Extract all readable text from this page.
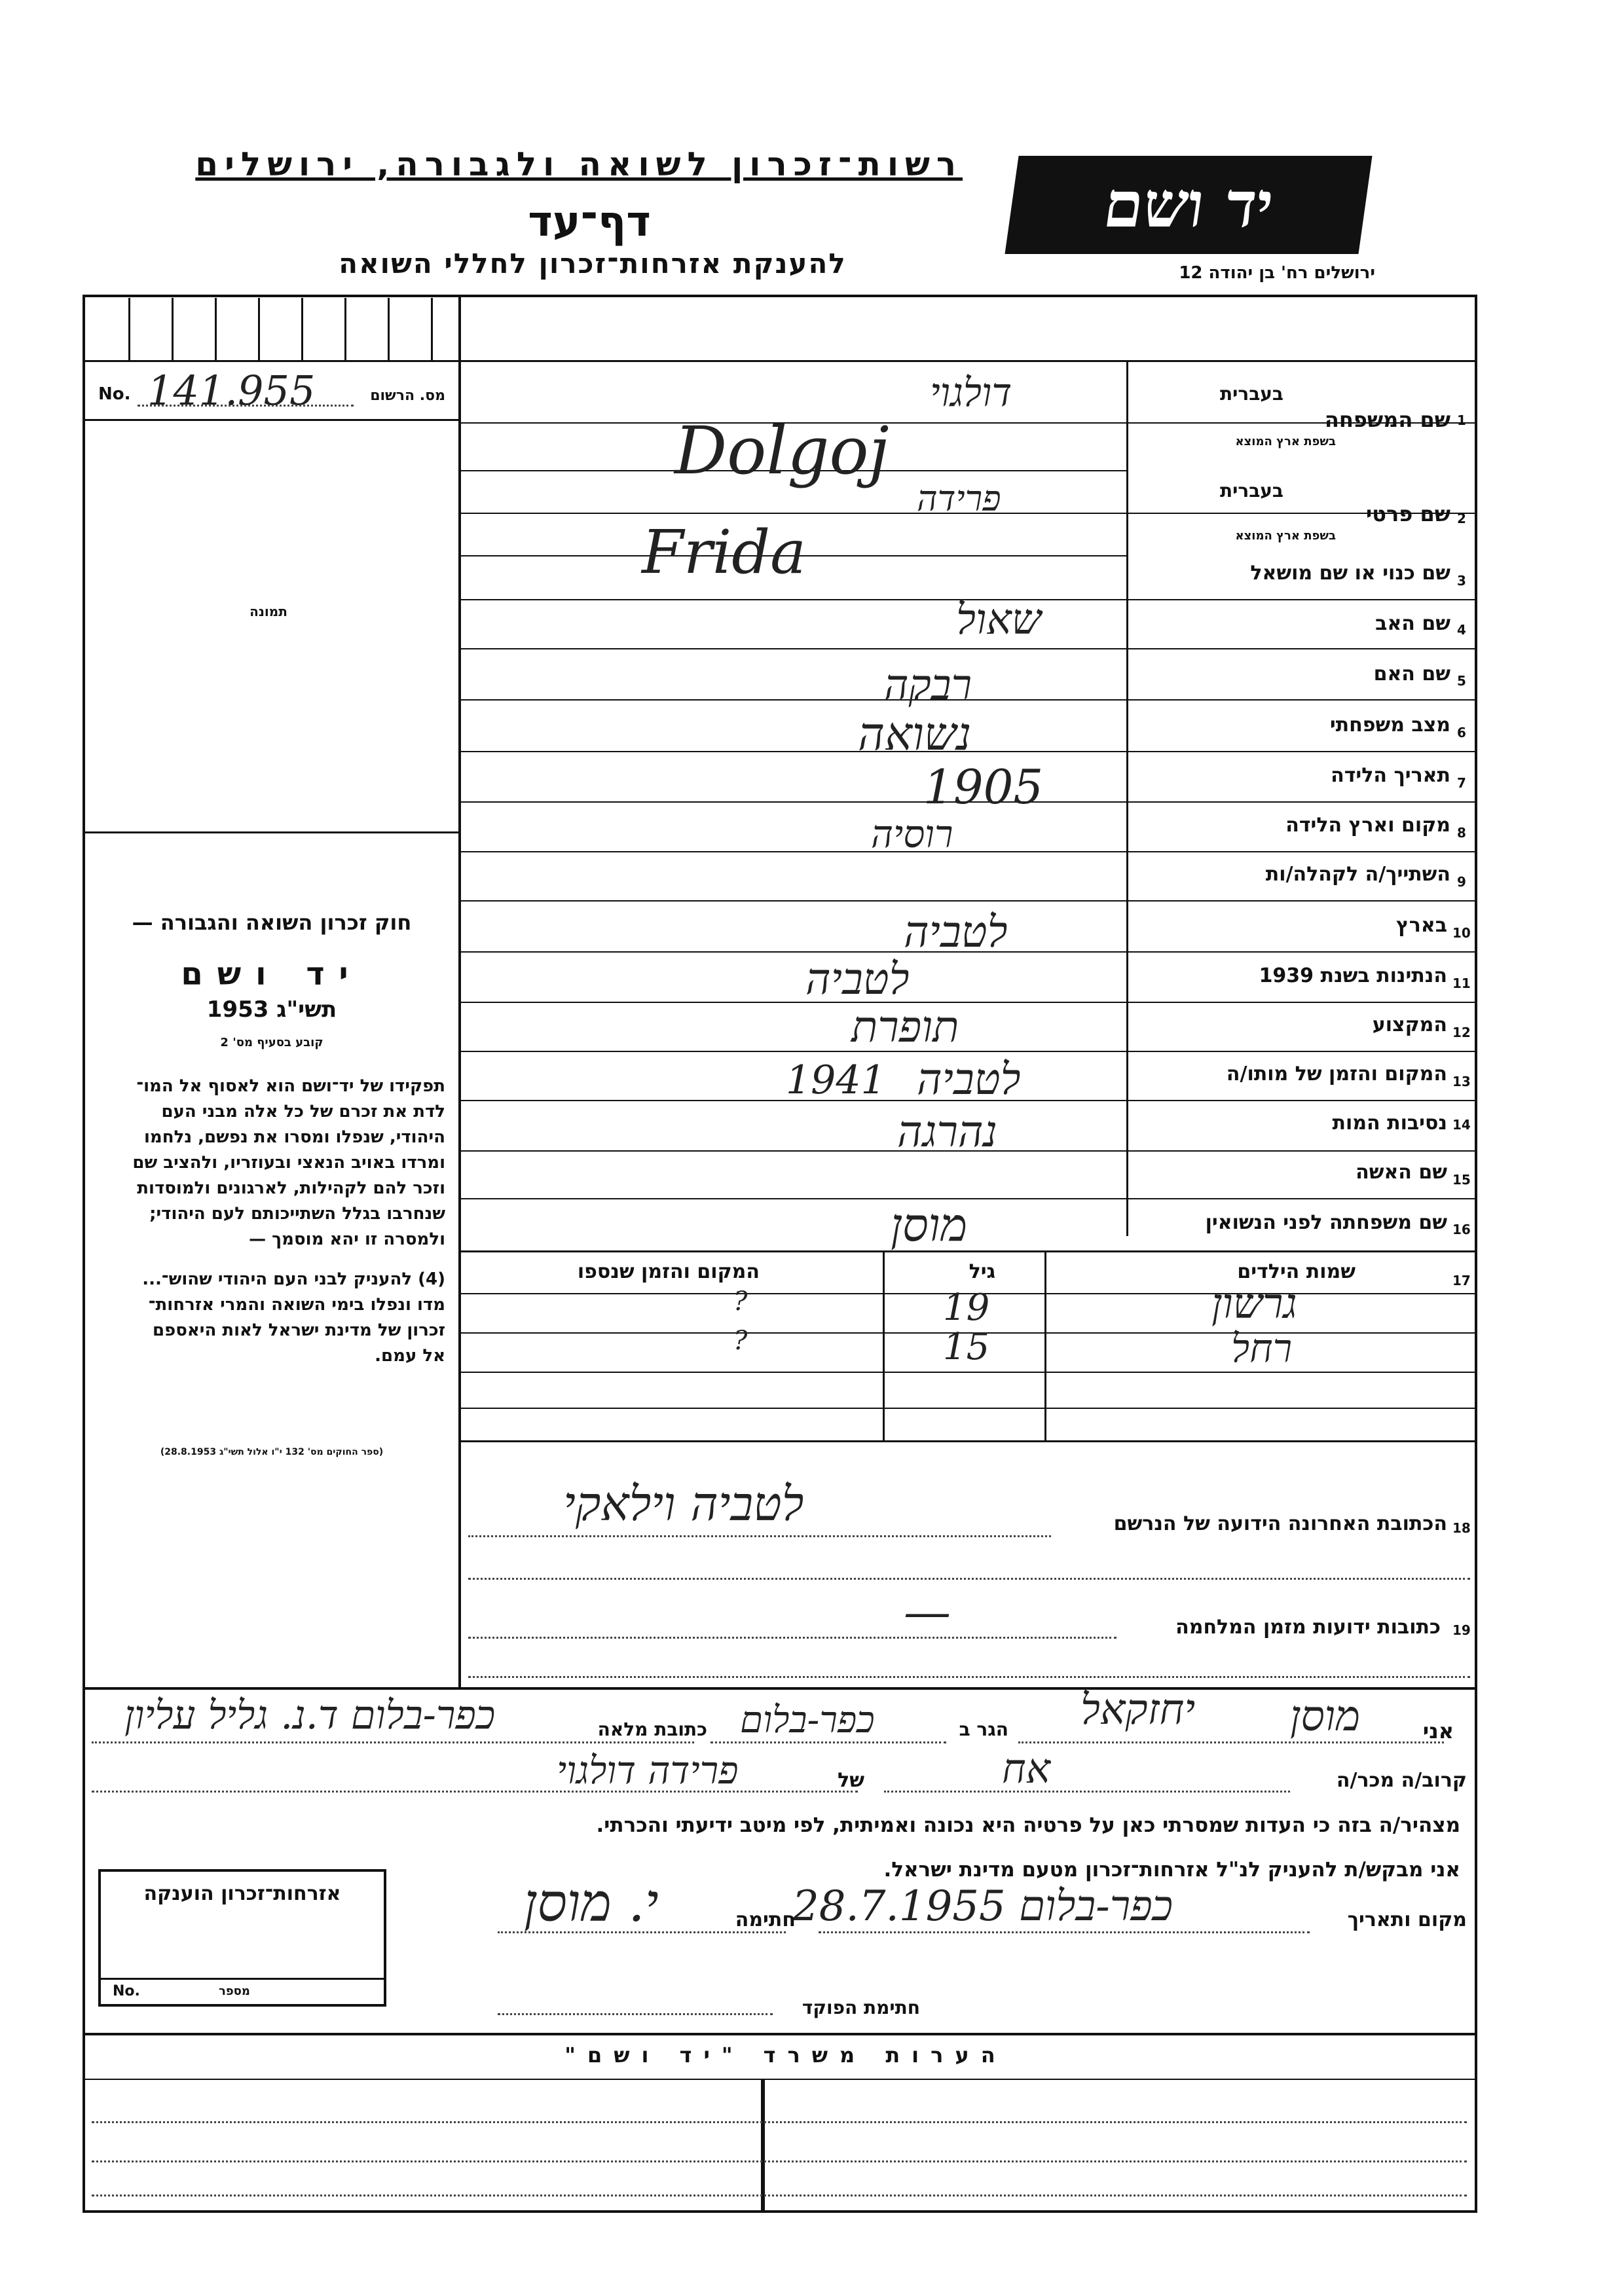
רשות־זכרון לשואה ולגבורה, ירושלים
דף־עד
להענקת אזרחות־זכרון לחללי השואה
יד ושם
ירושלים רח' בן יהודה 12
No. 141.955	מס. הרשום
תמונה
חוק זכרון השואה והגבורה —
יד ושם
תשי"ג 1953
קובע בסעיף מס' 2
תפקידו של יד־ושם הוא לאסוף אל המו־
לדת את זכרם של כל אלה מבני העם
היהודי, שנפלו ומסרו את נפשם, נלחמו
ומרדו באויב הנאצי ובעוזריו, ולהציב שם
וזכר להם לקהילות, לארגונים ולמוסדות
שנחרבו בגלל השתייכותם לעם היהודי;
ולמסרה זו יהא מוסמך —
(4) להעניק לבני העם היהודי שהוש־...
מדו ונפלו בימי השואה והמרי אזרחות־
זכרון של מדינת ישראל לאות היאספם
אל עמם.
(ספר החוקים מס' 132 י"ו אלול תשי"ג 28.8.1953)
1
2
3
4
5
6
7
8
9
10
11
12
13
14
15
16
17
בעברית
שם המשפחה
בשפת ארץ המוצא
בעברית
שם פרטי
בשפת ארץ המוצא
שם כנוי או שם מושאל
שם האב
שם האם
מצב משפחתי
תאריך הלידה
מקום וארץ הלידה
השתייך/ה לקהלה/ות
בארץ
הנתינות בשנת 1939
המקצוע
המקום והזמן של מותו/ה
נסיבות המות
שם האשה
שם משפחתה לפני הנשואין
דולגוי
Dolgoj
פרידה
Frida
שאול
רבקה
נשואה
1905
רוסיה
לטביה
לטביה
תופרת
לטביה
1941
נהרגה
מוסן
שמות הילדים
גיל
המקום והזמן שנספו
גרשון
19
?
רחל
15
?
18
הכתובת האחרונה הידועה של הנרשם
לטביה וילאקי
19
כתובות ידועות מזמן המלחמה
—
אני
מוסן
יחזקאל
הגר ב
כפר-בלום
כתובת מלאה
כפר-בלום ד.נ. גליל עליון
קרוב/ה מכר/ה
אח
של
פרידה דולגוי
מצהיר/ה בזה כי העדות שמסרתי כאן על פרטיה היא נכונה ואמיתית, לפי מיטב ידיעתי והכרתי.
אני מבקש/ת להעניק לנ"ל אזרחות־זכרון מטעם מדינת ישראל.
מקום ותאריך
כפר-בלום 28.7.1955
חתימה
י. מוסן
חתימת הפוקד
אזרחות־זכרון הוענקה
No.	מספר
הערות משרד "יד ושם"
